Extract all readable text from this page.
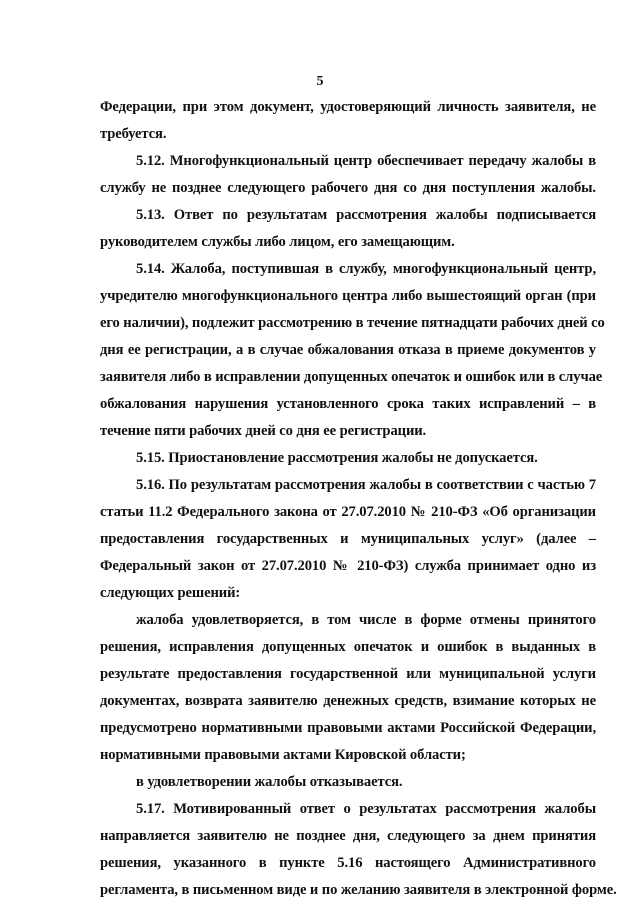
5
Федерации, при этом документ, удостоверяющий личность заявителя, не
требуется.
5.12. Многофункциональный центр обеспечивает передачу жалобы в
службу не позднее следующего рабочего дня со дня поступления жалобы.
5.13. Ответ по результатам рассмотрения жалобы подписывается
руководителем службы либо лицом, его замещающим.
5.14. Жалоба, поступившая в службу, многофункциональный центр,
учредителю многофункционального центра либо вышестоящий орган (при
его наличии), подлежит рассмотрению в течение пятнадцати рабочих дней со
дня ее регистрации, а в случае обжалования отказа в приеме документов у
заявителя либо в исправлении допущенных опечаток и ошибок или в случае
обжалования нарушения установленного срока таких исправлений – в
течение пяти рабочих дней со дня ее регистрации.
5.15. Приостановление рассмотрения жалобы не допускается.
5.16. По результатам рассмотрения жалобы в соответствии с частью 7
статьи 11.2 Федерального закона от 27.07.2010 № 210-ФЗ «Об организации
предоставления государственных и муниципальных услуг» (далее –
Федеральный закон от 27.07.2010 № 210-ФЗ) служба принимает одно из
следующих решений:
жалоба удовлетворяется, в том числе в форме отмены принятого
решения, исправления допущенных опечаток и ошибок в выданных в
результате предоставления государственной или муниципальной услуги
документах, возврата заявителю денежных средств, взимание которых не
предусмотрено нормативными правовыми актами Российской Федерации,
нормативными правовыми актами Кировской области;
в удовлетворении жалобы отказывается.
5.17. Мотивированный ответ о результатах рассмотрения жалобы
направляется заявителю не позднее дня, следующего за днем принятия
решения, указанного в пункте 5.16 настоящего Административного
регламента, в письменном виде и по желанию заявителя в электронной форме.
